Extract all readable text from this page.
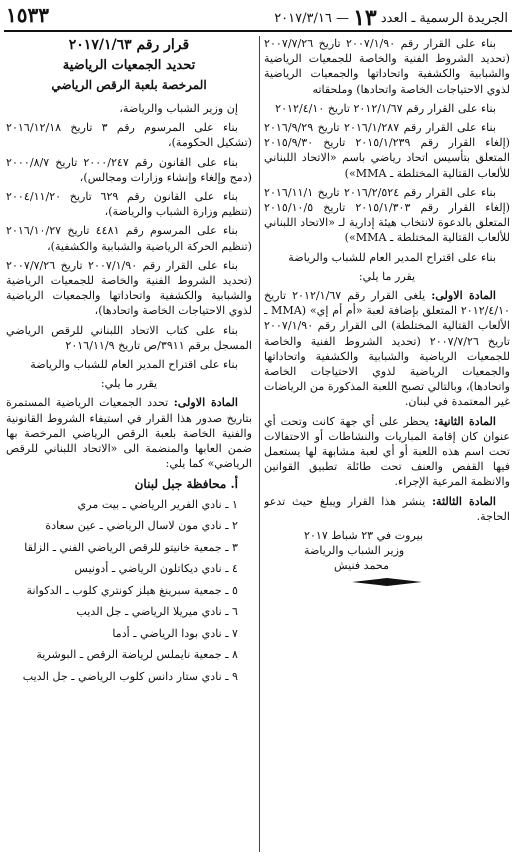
الجريدة الرسمية ـ العدد ١٣ — ٢٠١٧/٣/١٦
١٥٣٣

بناء على القرار رقم ٢٠٠٧/١/٩٠ تاريخ ٢٠٠٧/٧/٢٦ (تحديد الشروط الفنية والخاصة للجمعيات الرياضية والشبابية والكشفية واتحاداتها والجمعيات الرياضية لذوي الاحتياجات الخاصة واتحادها) وملحقاته

بناء على القرار رقم ٢٠١٢/١/٦٧ تاريخ ٢٠١٢/٤/١٠

بناء على القرار رقم ٢٠١٦/١/٢٨٧ تاريخ ٢٠١٦/٩/٢٩ (إلغاء القرار رقم ٢٠١٥/١/٢٣٩ تاريخ ٢٠١٥/٩/٣٠ المتعلق بتأسيس اتحاد رياضي باسم «الاتحاد اللبناني للألعاب القتالية المختلطة ـ MMA»)

بناء على القرار رقم ٢٠١٦/٢/٥٢٤ تاريخ ٢٠١٦/١١/١ (إلغاء القرار رقم ٢٠١٥/١/٣٠٣ تاريخ ٢٠١٥/١٠/٥ المتعلق بالدعوة لانتخاب هيئة إدارية لـ «الاتحاد اللبناني للألعاب القتالية المختلطة ـ MMA»)

بناء على اقتراح المدير العام للشباب والرياضة

يقرر ما يلي:

المادة الاولى: يلغى القرار رقم ٢٠١٢/١/٦٧ تاريخ ٢٠١٢/٤/١٠ المتعلق بإضافة لعبة «أم أم إي» (MMA ـ الألعاب القتالية المختلطة) الى القرار رقم ٢٠٠٧/١/٩٠ تاريخ ٢٠٠٧/٧/٢٦ (تحديد الشروط الفنية والخاصة للجمعيات الرياضية والشبابية والكشفية واتحاداتها والجمعيات الرياضية لذوي الاحتياجات الخاصة واتحادها)، وبالتالي تصبح اللعبة المذكورة من الرياضات غير المعتمدة في لبنان.

المادة الثانية: يحظر على أي جهة كانت وتحت أي عنوان كان إقامة المباريات والنشاطات أو الاحتفالات تحت اسم هذه اللعبة أو أي لعبة مشابهة لها يستعمل فيها القفص والعنف تحت طائلة تطبيق القوانين والانظمة المرعية الإجراء.

المادة الثالثة: ينشر هذا القرار ويبلغ حيث تدعو الحاجة.

بيروت في ٢٣ شباط ٢٠١٧

وزير الشباب والرياضة

محمد فنيش

قرار رقم ٢٠١٧/١/٦٣

تحديد الجمعيات الرياضية

المرخصة بلعبة الرقص الرياضي

إن وزير الشباب والرياضة،

بناء على المرسوم رقم ٣ تاريخ ٢٠١٦/١٢/١٨ (تشكيل الحكومة)،

بناء على القانون رقم ٢٠٠٠/٢٤٧ تاريخ ٢٠٠٠/٨/٧ (دمج وإلغاء وإنشاء وزارات ومجالس)،

بناء على القانون رقم ٦٢٩ تاريخ ٢٠٠٤/١١/٢٠ (تنظيم وزارة الشباب والرياضة)،

بناء على المرسوم رقم ٤٤٨١ تاريخ ٢٠١٦/١٠/٢٧ (تنظيم الحركة الرياضية والشبابية والكشفية)،

بناء على القرار رقم ٢٠٠٧/١/٩٠ تاريخ ٢٠٠٧/٧/٢٦ (تحديد الشروط الفنية والخاصة للجمعيات الرياضية والشبابية والكشفية واتحاداتها والجمعيات الرياضية لذوي الاحتياجات الخاصة واتحادها)،

بناء على كتاب الاتحاد اللبناني للرقص الرياضي المسجل برقم ٣٩١١/ص تاريخ ٢٠١٦/١١/٩

بناء على اقتراح المدير العام للشباب والرياضة

يقرر ما يلي:

المادة الاولى: تحدد الجمعيات الرياضية المستمرة بتاريخ صدور هذا القرار في استيفاء الشروط القانونية والفنية الخاصة بلعبة الرقص الرياضي المرخصة بها ضمن العابها والمنضمة الى «الاتحاد اللبناني للرقص الرياضي» كما يلي:

أ. محافظة جبل لبنان

١ ـ نادي الفرير الرياضي ـ بيت مري

٢ ـ نادي مون لاسال الرياضي ـ عين سعادة

٣ ـ جمعية خانيتو للرقص الرياضي الفني ـ الزلقا

٤ ـ نادي ديكاتلون الرياضي ـ أدونيس

٥ ـ جمعية سبرينغ هيلز كونتري كلوب ـ الدكوانة

٦ ـ نادي ميريلا الرياضي ـ جل الديب

٧ ـ نادي بودا الرياضي ـ أدما

٨ ـ جمعية نايملس لرياضة الرقص ـ البوشرية

٩ ـ نادي ستار دانس كلوب الرياضي ـ جل الديب
